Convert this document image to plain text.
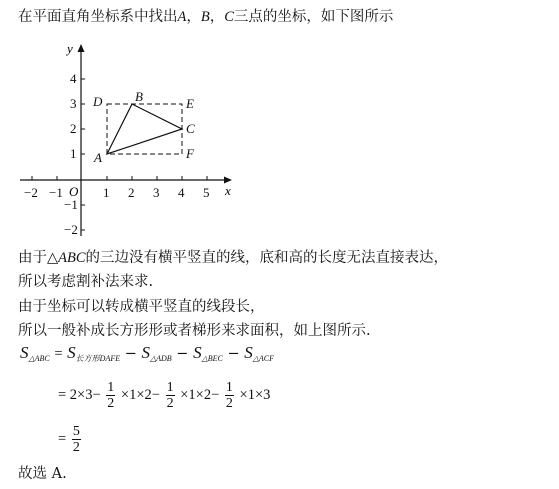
在平面直角坐标系中找出A，B，C三点的坐标，如下图所示
−2 −1	1 2 3 4 5
4
3
2
1
−1
−2
x
y
O
A
B
C
D	E
F
由于△ABC的三边没有横平竖直的线，底和高的长度无法直接表达，
所以考虑割补法来求.
由于坐标可以转成横平竖直的线段长，
所以一般补成长方形形或者梯形来求面积，如上图所示.
$S_{\triangle ABC} = S_{长方形DAFE} - S_{\triangle ADB} - S_{\triangle BEC} - S_{\triangle ACF}$
= $2\times 3- \frac{1}{2} \times 1\times 2- \frac{1}{2} \times 1\times 2- \frac{1}{2} \times 1\times 3$
= $\frac{5}{2}$
故选 A.
